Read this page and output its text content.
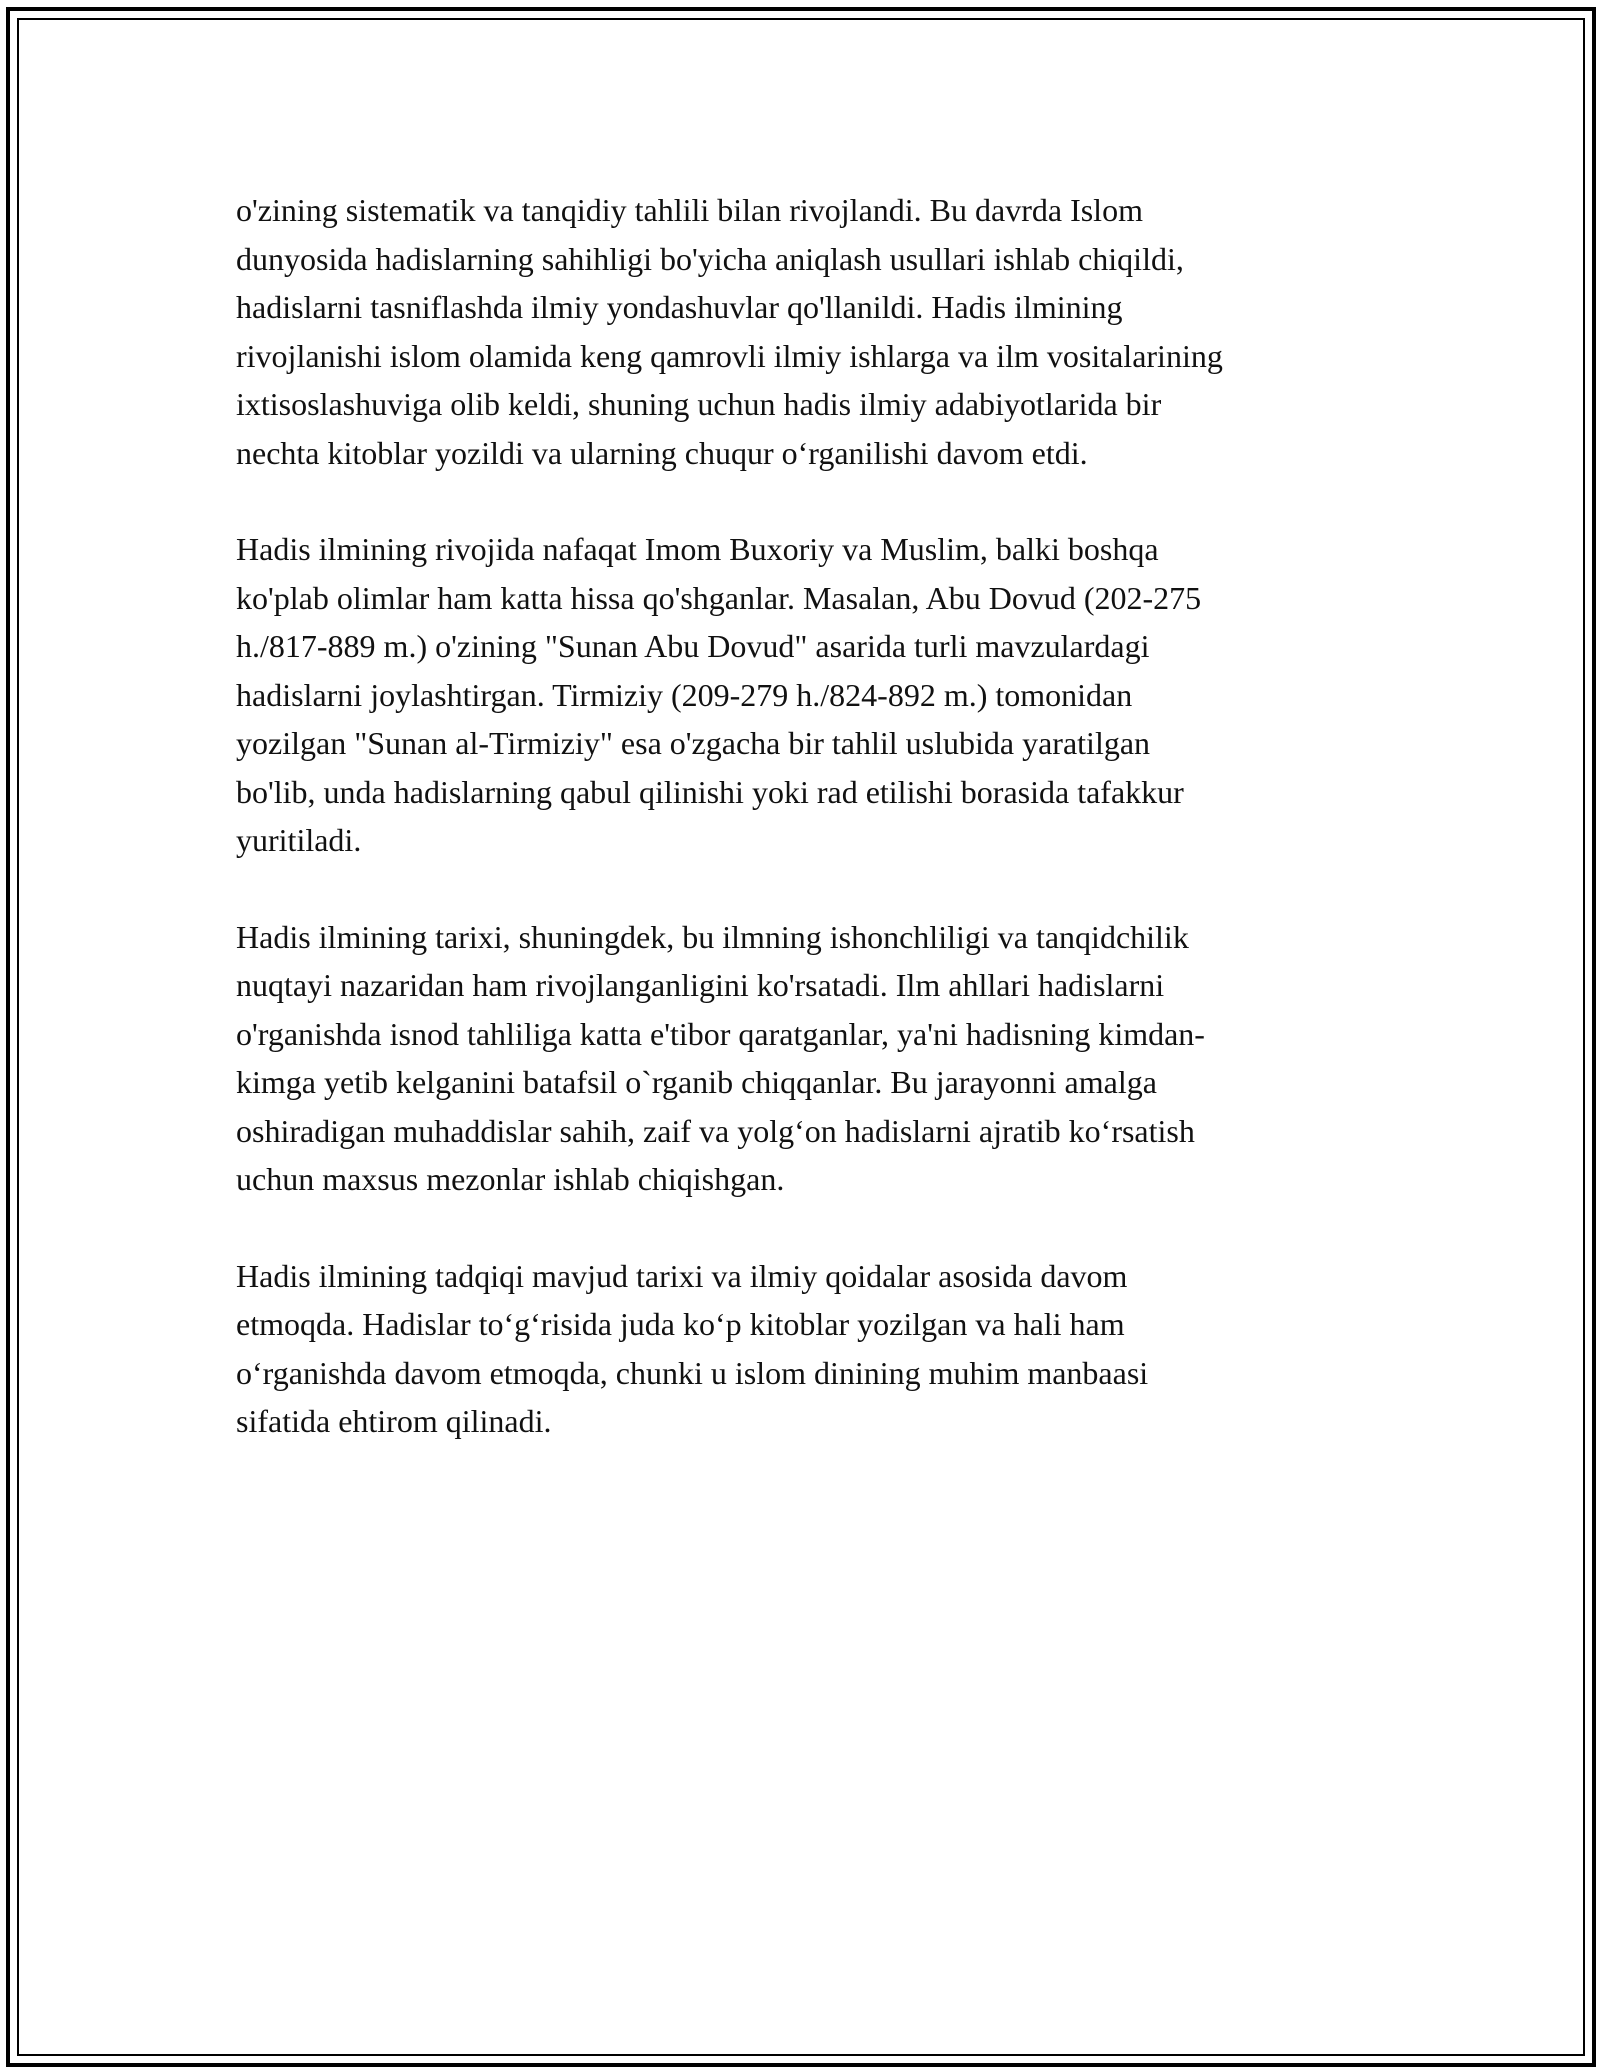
o'zining sistematik va tanqidiy tahlili bilan rivojlandi. Bu davrda Islom
dunyosida hadislarning sahihligi bo'yicha aniqlash usullari ishlab chiqildi,
hadislarni tasniflashda ilmiy yondashuvlar qo'llanildi. Hadis ilmining
rivojlanishi islom olamida keng qamrovli ilmiy ishlarga va ilm vositalarining
ixtisoslashuviga olib keldi, shuning uchun hadis ilmiy adabiyotlarida bir
nechta kitoblar yozildi va ularning chuqur o‘rganilishi davom etdi.

Hadis ilmining rivojida nafaqat Imom Buxoriy va Muslim, balki boshqa
ko'plab olimlar ham katta hissa qo'shganlar. Masalan, Abu Dovud (202-275
h./817-889 m.) o'zining "Sunan Abu Dovud" asarida turli mavzulardagi
hadislarni joylashtirgan. Tirmiziy (209-279 h./824-892 m.) tomonidan
yozilgan "Sunan al-Tirmiziy" esa o'zgacha bir tahlil uslubida yaratilgan
bo'lib, unda hadislarning qabul qilinishi yoki rad etilishi borasida tafakkur
yuritiladi.

Hadis ilmining tarixi, shuningdek, bu ilmning ishonchliligi va tanqidchilik
nuqtayi nazaridan ham rivojlanganligini ko'rsatadi. Ilm ahllari hadislarni
o'rganishda isnod tahliliga katta e'tibor qaratganlar, ya'ni hadisning kimdan-
kimga yetib kelganini batafsil o`rganib chiqqanlar. Bu jarayonni amalga
oshiradigan muhaddislar sahih, zaif va yolg‘on hadislarni ajratib ko‘rsatish
uchun maxsus mezonlar ishlab chiqishgan.

Hadis ilmining tadqiqi mavjud tarixi va ilmiy qoidalar asosida davom
etmoqda. Hadislar to‘g‘risida juda ko‘p kitoblar yozilgan va hali ham
o‘rganishda davom etmoqda, chunki u islom dinining muhim manbaasi
sifatida ehtirom qilinadi.
